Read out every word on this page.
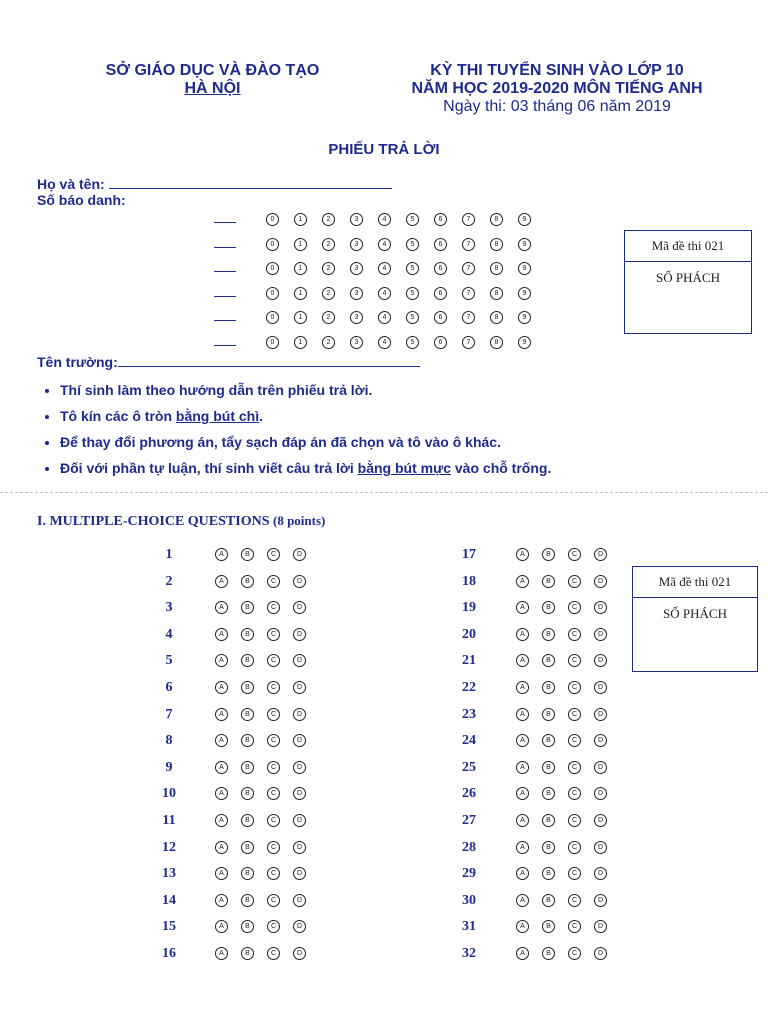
SỞ GIÁO DỤC VÀ ĐÀO TẠO
HÀ NỘI
KỲ THI TUYỂN SINH VÀO LỚP 10
NĂM HỌC 2019-2020 MÔN TIẾNG ANH
Ngày thi: 03 tháng 06 năm 2019
PHIẾU TRẢ LỜI
Họ và tên:
Số báo danh:
0	1	2	3	4	5	6	7	8	9
0	1	2	3	4	5	6	7	8	9
0	1	2	3	4	5	6	7	8	9
0	1	2	3	4	5	6	7	8	9
0	1	2	3	4	5	6	7	8	9
0	1	2	3	4	5	6	7	8	9
Mã đề thi 021
SỐ PHÁCH
Tên trường:
• Thí sinh làm theo hướng dẫn trên phiếu trả lời.
• Tô kín các ô tròn bằng bút chì.
• Để thay đổi phương án, tẩy sạch đáp án đã chọn và tô vào ô khác.
• Đối với phần tự luận, thí sinh viết câu trả lời bằng bút mực vào chỗ trống.
I. MULTIPLE-CHOICE QUESTIONS (8 points)
1	A	B	C	D
2	A	B	C	D
3	A	B	C	D
4	A	B	C	D
5	A	B	C	D
6	A	B	C	D
7	A	B	C	D
8	A	B	C	D
9	A	B	C	D
10	A	B	C	D
11	A	B	C	D
12	A	B	C	D
13	A	B	C	D
14	A	B	C	D
15	A	B	C	D
16	A	B	C	D
17	A	B	C	D
18	A	B	C	D
19	A	B	C	D
20	A	B	C	D
21	A	B	C	D
22	A	B	C	D
23	A	B	C	D
24	A	B	C	D
25	A	B	C	D
26	A	B	C	D
27	A	B	C	D
28	A	B	C	D
29	A	B	C	D
30	A	B	C	D
31	A	B	C	D
32	A	B	C	D
Mã đề thi 021
SỐ PHÁCH
